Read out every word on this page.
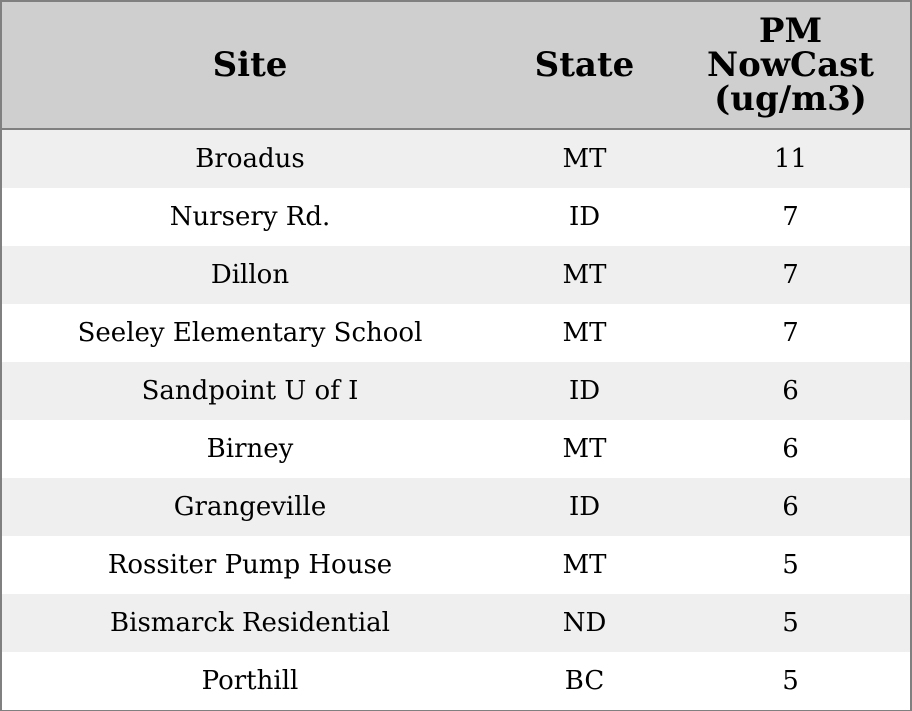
Site	State	PM
NowCast
(ug/m3)
Broadus	MT	11
Nursery Rd.	ID	7
Dillon	MT	7
Seeley Elementary School	MT	7
Sandpoint U of I	ID	6
Birney	MT	6
Grangeville	ID	6
Rossiter Pump House	MT	5
Bismarck Residential	ND	5
Porthill	BC	5
